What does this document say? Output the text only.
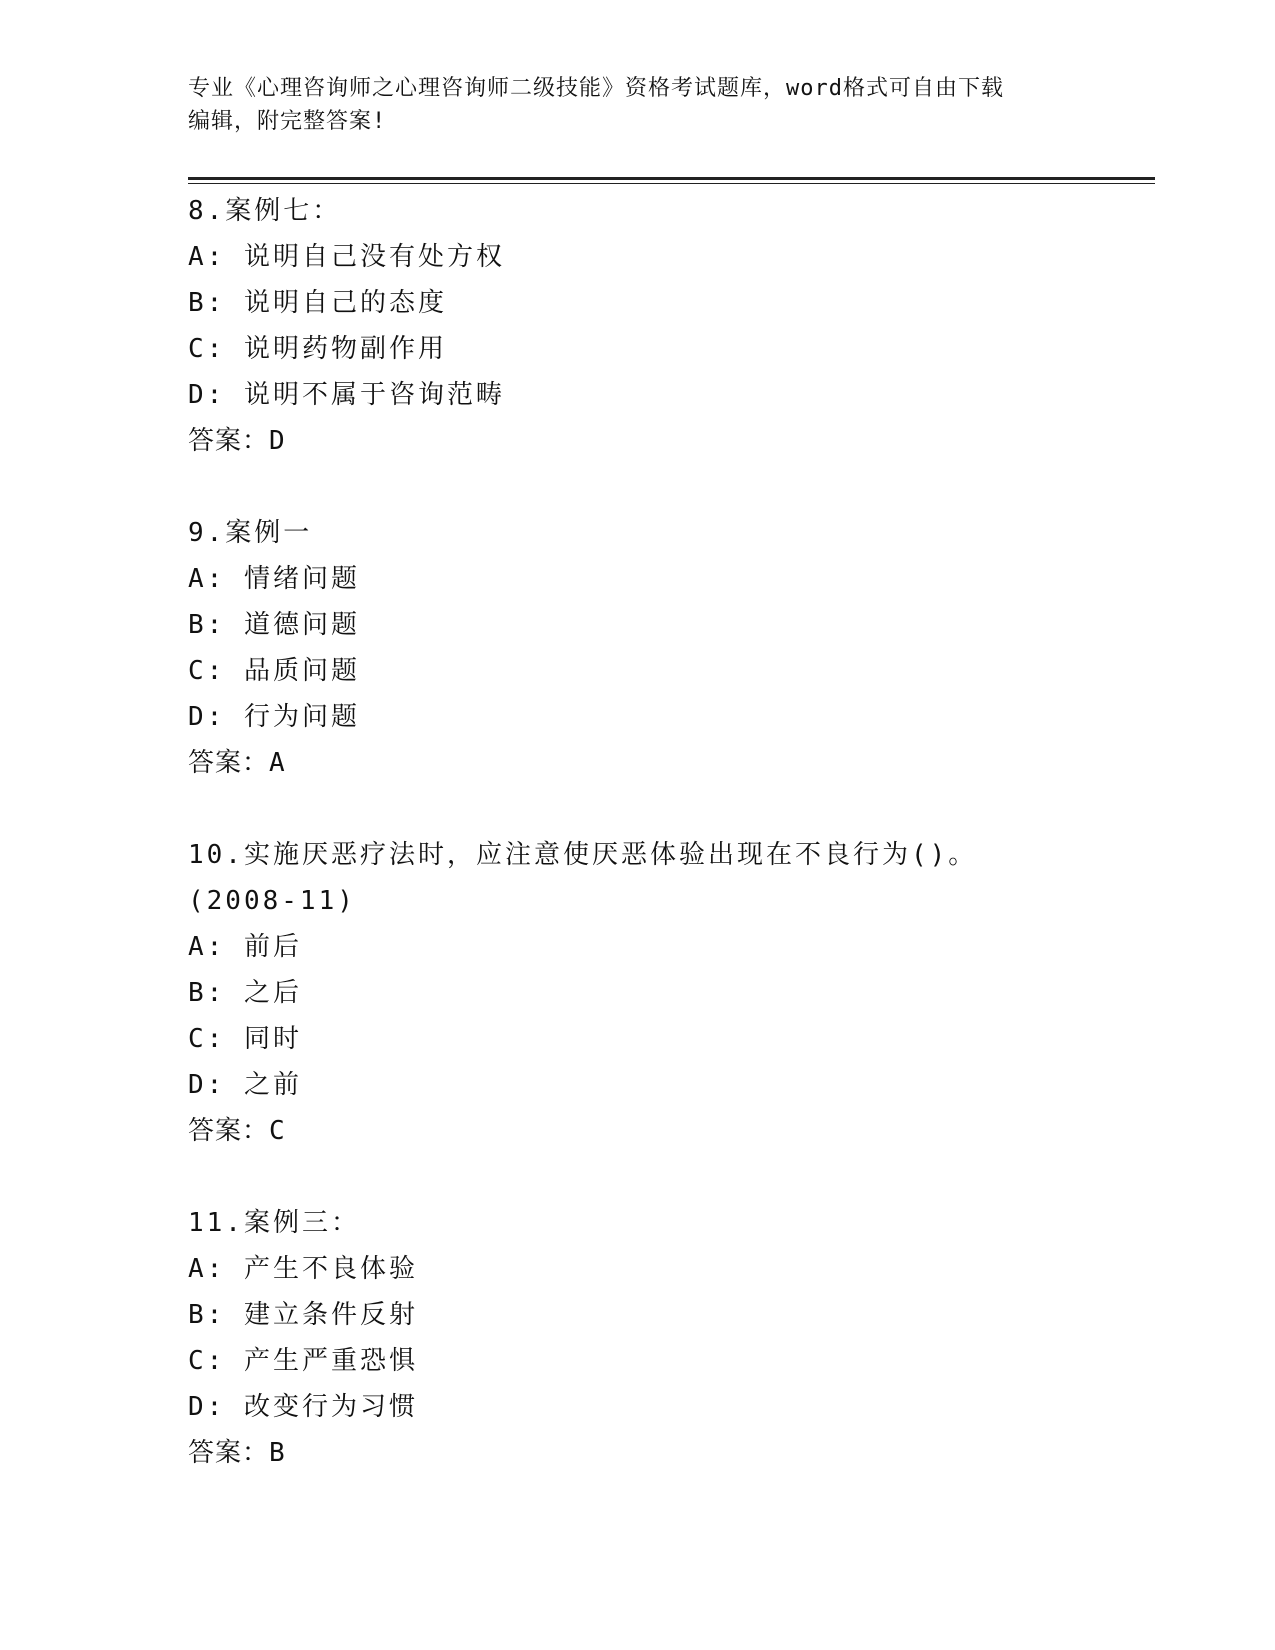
专业《心理咨询师之心理咨询师二级技能》资格考试题库，word格式可自由下载
编辑，附完整答案!
8.案例七：
A: 说明自己没有处方权
B: 说明自己的态度
C: 说明药物副作用
D: 说明不属于咨询范畴
答案：D
9.案例一
A: 情绪问题
B: 道德问题
C: 品质问题
D: 行为问题
答案：A
10.实施厌恶疗法时，应注意使厌恶体验出现在不良行为()。(2008-11)
A: 前后
B: 之后
C: 同时
D: 之前
答案：C
11.案例三：
A: 产生不良体验
B: 建立条件反射
C: 产生严重恐惧
D: 改变行为习惯
答案：B
